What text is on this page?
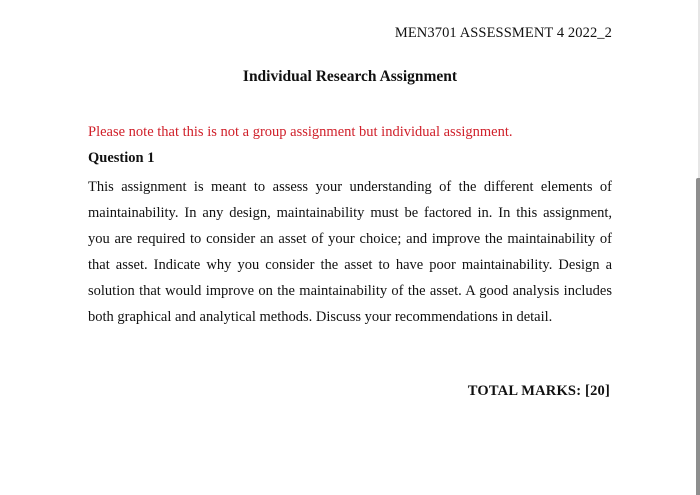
MEN3701 ASSESSMENT 4 2022_2
Individual Research Assignment
Please note that this is not a group assignment but individual assignment.
Question 1
This assignment is meant to assess your understanding of the different elements of maintainability. In any design, maintainability must be factored in. In this assignment, you are required to consider an asset of your choice; and improve the maintainability of that asset. Indicate why you consider the asset to have poor maintainability. Design a solution that would improve on the maintainability of the asset. A good analysis includes both graphical and analytical methods. Discuss your recommendations in detail.
TOTAL MARKS: [20]
